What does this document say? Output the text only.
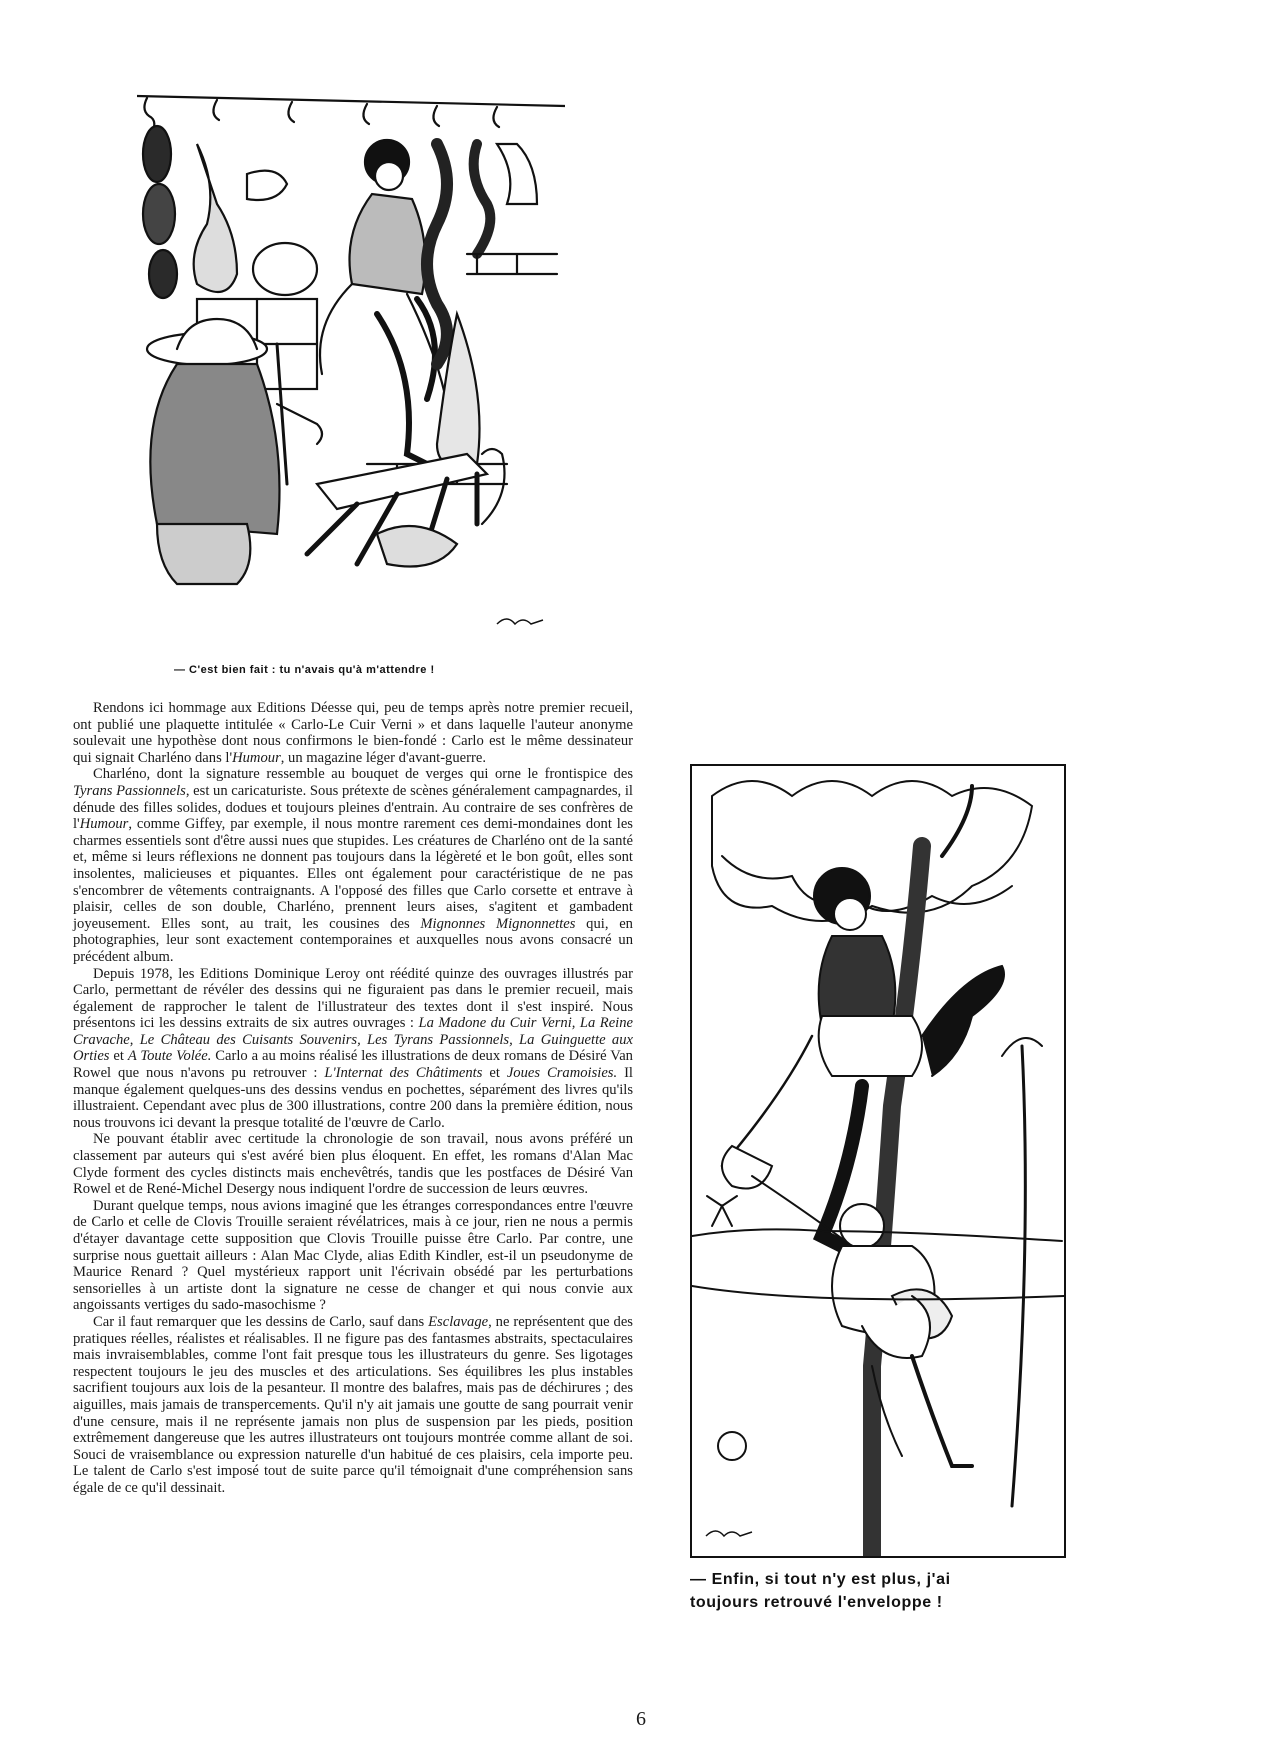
— C'est bien fait : tu n'avais qu'à m'attendre !

Rendons ici hommage aux Editions Déesse qui, peu de temps après notre premier recueil, ont publié une plaquette intitulée « Carlo-Le Cuir Verni » et dans laquelle l'auteur anonyme soulevait une hypothèse dont nous confirmons le bien-fondé : Carlo est le même dessinateur qui signait Charléno dans l'Humour, un magazine léger d'avant-guerre.

Charléno, dont la signature ressemble au bouquet de verges qui orne le frontispice des Tyrans Passionnels, est un caricaturiste. Sous prétexte de scènes généralement campagnardes, il dénude des filles solides, dodues et toujours pleines d'entrain. Au contraire de ses confrères de l'Humour, comme Giffey, par exemple, il nous montre rarement ces demi-mondaines dont les charmes essentiels sont d'être aussi nues que stupides. Les créatures de Charléno ont de la santé et, même si leurs réflexions ne donnent pas toujours dans la légèreté et le bon goût, elles sont insolentes, malicieuses et piquantes. Elles ont également pour caractéristique de ne pas s'encombrer de vêtements contraignants. A l'opposé des filles que Carlo corsette et entrave à plaisir, celles de son double, Charléno, prennent leurs aises, s'agitent et gambadent joyeusement. Elles sont, au trait, les cousines des Mignonnes Mignonnettes qui, en photographies, leur sont exactement contemporaines et auxquelles nous avons consacré un précédent album.

Depuis 1978, les Editions Dominique Leroy ont réédité quinze des ouvrages illustrés par Carlo, permettant de révéler des dessins qui ne figuraient pas dans le premier recueil, mais également de rapprocher le talent de l'illustrateur des textes dont il s'est inspiré. Nous présentons ici les dessins extraits de six autres ouvrages : La Madone du Cuir Verni, La Reine Cravache, Le Château des Cuisants Souvenirs, Les Tyrans Passionnels, La Guinguette aux Orties et A Toute Volée. Carlo a au moins réalisé les illustrations de deux romans de Désiré Van Rowel que nous n'avons pu retrouver : L'Internat des Châtiments et Joues Cramoisies. Il manque également quelques-uns des dessins vendus en pochettes, séparément des livres qu'ils illustraient. Cependant avec plus de 300 illustrations, contre 200 dans la première édition, nous nous trouvons ici devant la presque totalité de l'œuvre de Carlo.

Ne pouvant établir avec certitude la chronologie de son travail, nous avons préféré un classement par auteurs qui s'est avéré bien plus éloquent. En effet, les romans d'Alan Mac Clyde forment des cycles distincts mais enchevêtrés, tandis que les postfaces de Désiré Van Rowel et de René-Michel Desergy nous indiquent l'ordre de succession de leurs œuvres.

Durant quelque temps, nous avions imaginé que les étranges correspondances entre l'œuvre de Carlo et celle de Clovis Trouille seraient révélatrices, mais à ce jour, rien ne nous a permis d'étayer davantage cette supposition que Clovis Trouille puisse être Carlo. Par contre, une surprise nous guettait ailleurs : Alan Mac Clyde, alias Edith Kindler, est-il un pseudonyme de Maurice Renard ? Quel mystérieux rapport unit l'écrivain obsédé par les perturbations sensorielles à un artiste dont la signature ne cesse de changer et qui nous convie aux angoissants vertiges du sado-masochisme ?

Car il faut remarquer que les dessins de Carlo, sauf dans Esclavage, ne représentent que des pratiques réelles, réalistes et réalisables. Il ne figure pas des fantasmes abstraits, spectaculaires mais invraisemblables, comme l'ont fait presque tous les illustrateurs du genre. Ses ligotages respectent toujours le jeu des muscles et des articulations. Ses équilibres les plus instables sacrifient toujours aux lois de la pesanteur. Il montre des balafres, mais pas de déchirures ; des aiguilles, mais jamais de transpercements. Qu'il n'y ait jamais une goutte de sang pourrait venir d'une censure, mais il ne représente jamais non plus de suspension par les pieds, position extrêmement dangereuse que les autres illustrateurs ont toujours montrée comme allant de soi. Souci de vraisemblance ou expression naturelle d'un habitué de ces plaisirs, cela importe peu. Le talent de Carlo s'est imposé tout de suite parce qu'il témoignait d'une compréhension sans égale de ce qu'il dessinait.

— Enfin, si tout n'y est plus, j'ai
toujours retrouvé l'enveloppe !
6
